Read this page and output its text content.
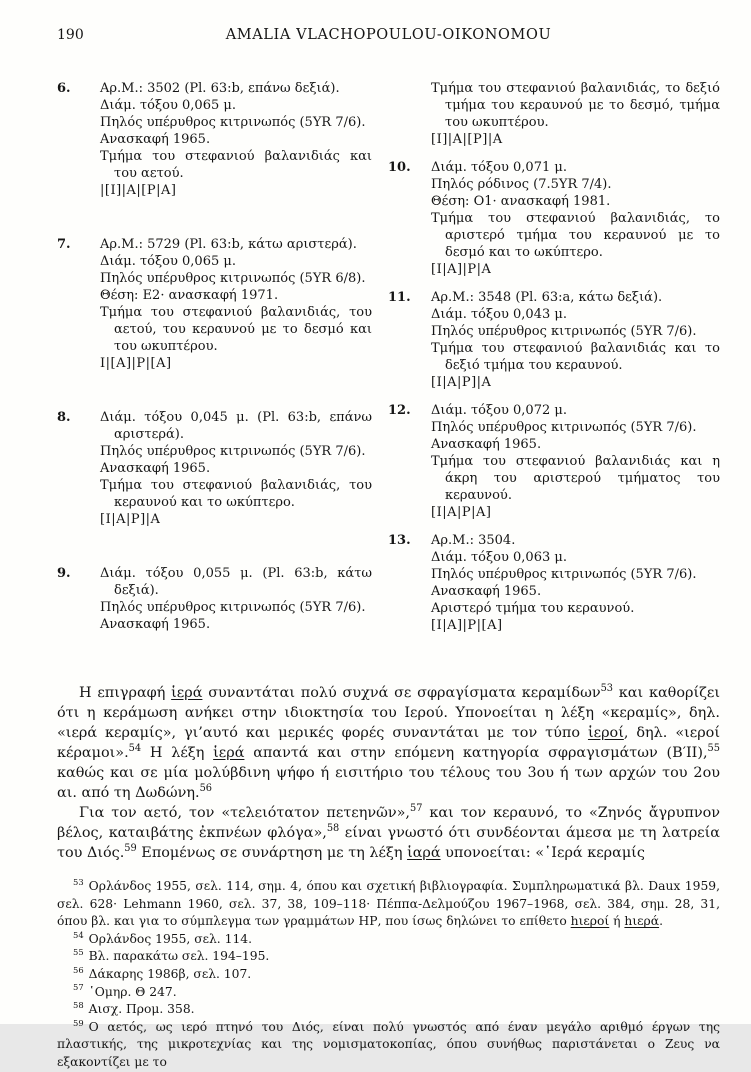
190	AMALIA VLACHOPOULOU-OIKONOMOU
6. Αρ.Μ.: 3502 (Pl. 63:b, επάνω δεξιά).
Διάμ. τόξου 0,065 μ.
Πηλός υπέρυθρος κιτρινωπός (5YR 7/6).
Ανασκαφή 1965.
Τμήμα του στεφανιού βαλανιδιάς και του αετού.
|[Ι]|Α|[Ρ|Α]
7. Αρ.Μ.: 5729 (Pl. 63:b, κάτω αριστερά).
Διάμ. τόξου 0,065 μ.
Πηλός υπέρυθρος κιτρινωπός (5YR 6/8).
Θέση: Ε2· ανασκαφή 1971.
Τμήμα του στεφανιού βαλανιδιάς, του αετού, του κεραυνού με το δεσμό και του ωκυπτέρου.
Ι|[Α]|Ρ|[Α]
8. Διάμ. τόξου 0,045 μ. (Pl. 63:b, επάνω αριστερά).
Πηλός υπέρυθρος κιτρινωπός (5YR 7/6).
Ανασκαφή 1965.
Τμήμα του στεφανιού βαλανιδιάς, του κεραυνού και το ωκύπτερο.
[Ι|Α|Ρ]|Α
9. Διάμ. τόξου 0,055 μ. (Pl. 63:b, κάτω δεξιά).
Πηλός υπέρυθρος κιτρινωπός (5YR 7/6).
Ανασκαφή 1965.
Τμήμα του στεφανιού βαλανιδιάς, το δεξιό τμήμα του κεραυνού με το δεσμό, τμήμα του ωκυπτέρου.
[Ι]|Α|[Ρ]|Α
10. Διάμ. τόξου 0,071 μ.
Πηλός ρόδινος (7.5YR 7/4).
Θέση: Ο1· ανασκαφή 1981.
Τμήμα του στεφανιού βαλανιδιάς, το αριστερό τμήμα του κεραυνού με το δεσμό και το ωκύπτερο.
[Ι|Α]|Ρ|Α
11. Αρ.Μ.: 3548 (Pl. 63:a, κάτω δεξιά).
Διάμ. τόξου 0,043 μ.
Πηλός υπέρυθρος κιτρινωπός (5YR 7/6).
Τμήμα του στεφανιού βαλανιδιάς και το δεξιό τμήμα του κεραυνού.
[Ι|Α|Ρ]|Α
12. Διάμ. τόξου 0,072 μ.
Πηλός υπέρυθρος κιτρινωπός (5YR 7/6).
Ανασκαφή 1965.
Τμήμα του στεφανιού βαλανιδιάς και η άκρη του αριστερού τμήματος του κεραυνού.
[Ι|Α|Ρ|Α]
13. Αρ.Μ.: 3504.
Διάμ. τόξου 0,063 μ.
Πηλός υπέρυθρος κιτρινωπός (5YR 7/6).
Ανασκαφή 1965.
Αριστερό τμήμα του κεραυνού.
[Ι|Α]|Ρ|[Α]

Η επιγραφή ἱερά συναντάται πολύ συχνά σε σφραγίσματα κεραμίδων$^{53}$ και καθορίζει ότι η κεράμωση ανήκει στην ιδιοκτησία του Ιερού. Υπονοείται η λέξη «κεραμίς», δηλ. «ιερά κεραμίς», γι’αυτό και μερικές φορές συναντάται με τον τύπο ἱεροί, δηλ. «ιεροί κέραμοι».$^{54}$ Η λέξη ἱερά απαντά και στην επόμενη κατηγορία σφραγισμάτων (Β′ΙΙ),$^{55}$ καθώς και σε μία μολύβδινη ψήφο ή εισιτήριο του τέλους του 3ου ή των αρχών του 2ου αι. από τη Δωδώνη.$^{56}$

Για τον αετό, τον «τελειότατον πετεηνῶν»,$^{57}$ και τον κεραυνό, το «Ζηνός ἄγρυπνον βέλος, καταιβάτης ἐκπνέων φλόγα»,$^{58}$ είναι γνωστό ότι συνδέονται άμεσα με τη λατρεία του Διός.$^{59}$ Επομένως σε συνάρτηση με τη λέξη ἱαρά υπονοείται: «῾Ιερά κεραμίς

$^{53}$ Ορλάνδος 1955, σελ. 114, σημ. 4, όπου και σχετική βιβλιογραφία. Συμπληρωματικά βλ. Daux 1959, σελ. 628· Lehmann 1960, σελ. 37, 38, 109–118· Πέππα-Δελμούζου 1967–1968, σελ. 384, σημ. 28, 31, όπου βλ. και για το σύμπλεγμα των γραμμάτων ΗΡ, που ίσως δηλώνει το επίθετο hιεροί ή hιερά.
$^{54}$ Ορλάνδος 1955, σελ. 114.
$^{55}$ Βλ. παρακάτω σελ. 194–195.
$^{56}$ Δάκαρης 1986β, σελ. 107.
$^{57}$ ῾Ομηρ. Θ 247.
$^{58}$ Αισχ. Προμ. 358.
$^{59}$ Ο αετός, ως ιερό πτηνό του Διός, είναι πολύ γνωστός από έναν μεγάλο αριθμό έργων της πλαστικής, της μικροτεχνίας και της νομισματοκοπίας, όπου συνήθως παριστάνεται ο Ζευς να εξακοντίζει με το
